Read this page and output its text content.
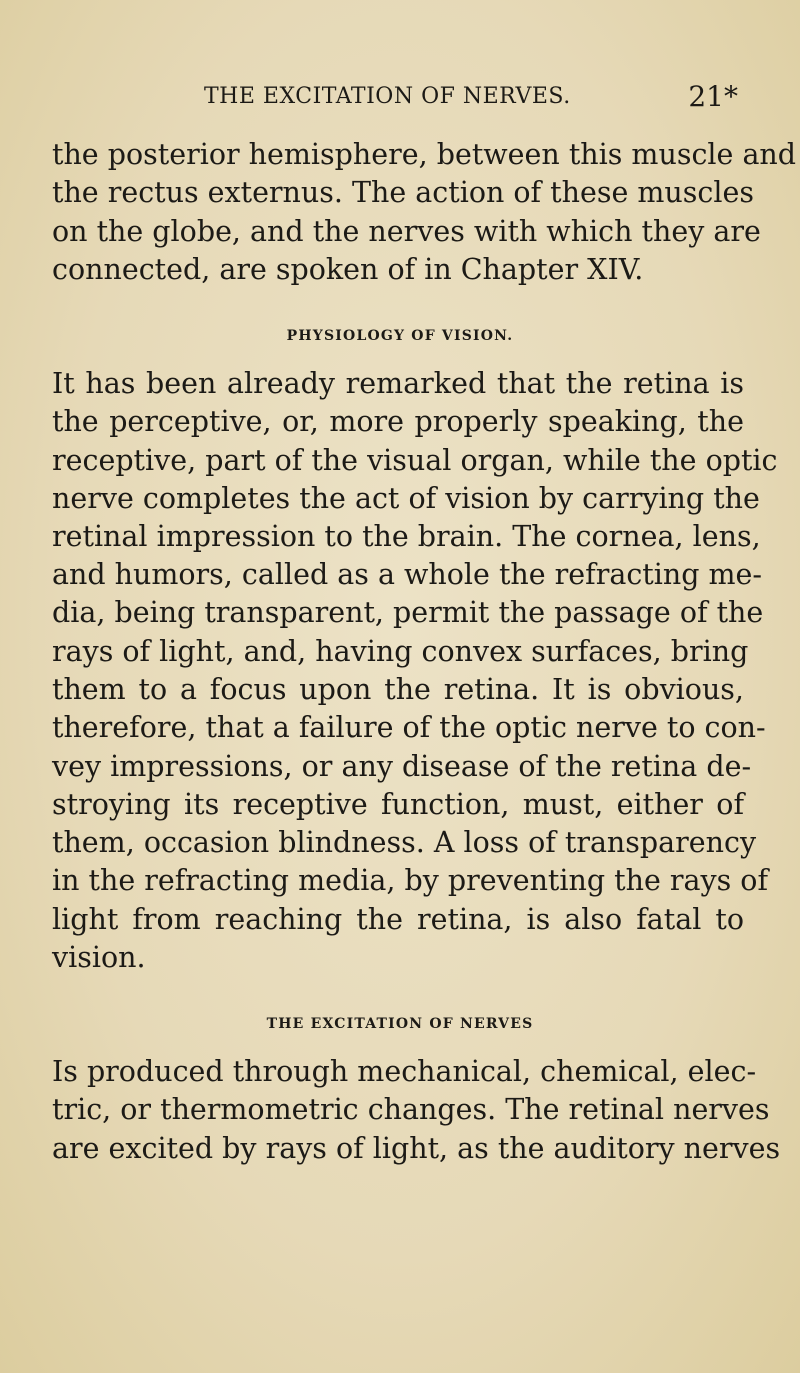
THE EXCITATION OF NERVES.	21*
the posterior hemisphere, between this muscle and
the rectus externus. The action of these muscles
on the globe, and the nerves with which they are
connected, are spoken of in Chapter XIV.
PHYSIOLOGY OF VISION.
It has been already remarked that the retina is
the perceptive, or, more properly speaking, the
receptive, part of the visual organ, while the optic
nerve completes the act of vision by carrying the
retinal impression to the brain. The cornea, lens,
and humors, called as a whole the refracting me-
dia, being transparent, permit the passage of the
rays of light, and, having convex surfaces, bring
them to a focus upon the retina. It is obvious,
therefore, that a failure of the optic nerve to con-
vey impressions, or any disease of the retina de-
stroying its receptive function, must, either of
them, occasion blindness. A loss of transparency
in the refracting media, by preventing the rays of
light from reaching the retina, is also fatal to
vision.
THE EXCITATION OF NERVES
Is produced through mechanical, chemical, elec-
tric, or thermometric changes. The retinal nerves
are excited by rays of light, as the auditory nerves
